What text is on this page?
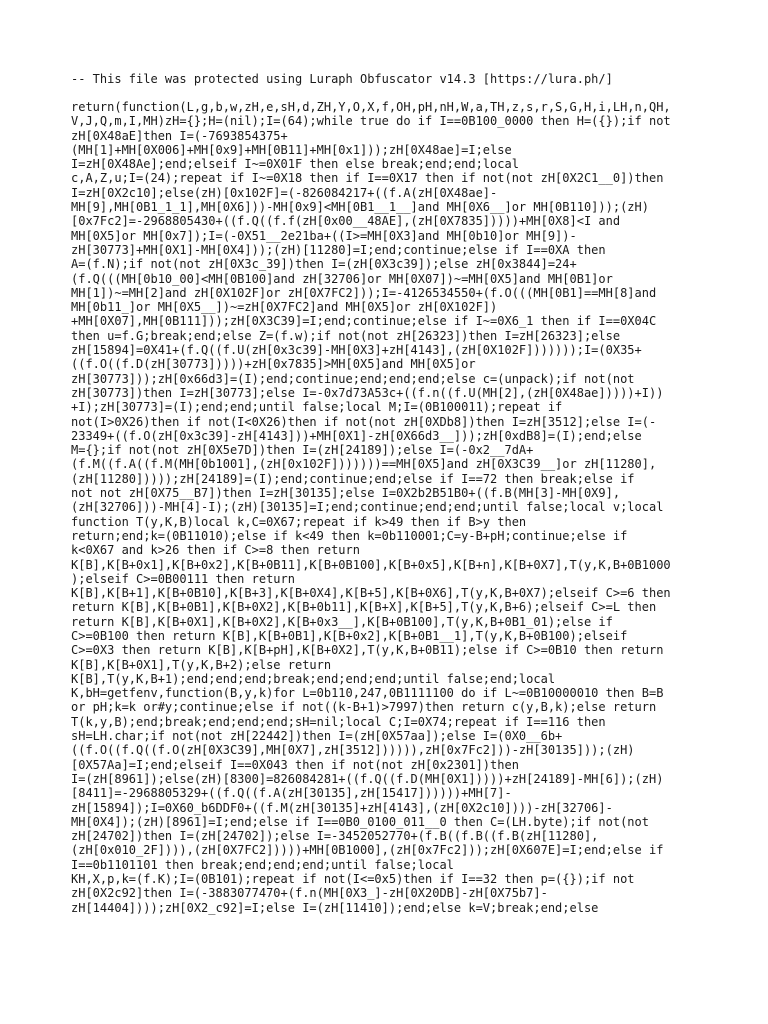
-- This file was protected using Luraph Obfuscator v14.3 [https://lura.ph/]
return(function(L,g,b,w,zH,e,sH,d,ZH,Y,O,X,f,OH,pH,nH,W,a,TH,z,s,r,S,G,H,i,LH,n,QH,
V,J,Q,m,I,MH)zH={};H=(nil);I=(64);while true do if I==0B100_0000 then H=({});if not
zH[0X48aE]then I=(-7693854375+
(MH[1]+MH[0X006]+MH[0x9]+MH[0B11]+MH[0x1]));zH[0X48ae]=I;else
I=zH[0X48Ae];end;elseif I~=0X01F then else break;end;end;local
c,A,Z,u;I=(24);repeat if I~=0X18 then if I==0X17 then if not(not zH[0X2C1__0])then
I=zH[0X2c10];else(zH)[0x102F]=(-826084217+((f.A(zH[0X48ae]-
MH[9],MH[0B1_1_1],MH[0X6]))-MH[0x9]<MH[0B1__1__]and MH[0X6__]or MH[0B110]));(zH)
[0x7Fc2]=-2968805430+((f.Q((f.f(zH[0x00__48AE],(zH[0X7835]))))+MH[0X8]<I and
MH[0X5]or MH[0x7]);I=(-0X51__2e21ba+((I>=MH[0X3]and MH[0b10]or MH[9])-
zH[30773]+MH[0X1]-MH[0X4]));(zH)[11280]=I;end;continue;else if I==0XA then
A=(f.N);if not(not zH[0X3c_39])then I=(zH[0X3c39]);else zH[0x3844]=24+
(f.Q(((MH[0b10_00]<MH[0B100]and zH[32706]or MH[0X07])~=MH[0X5]and MH[0B1]or
MH[1])~=MH[2]and zH[0X102F]or zH[0X7FC2]));I=-4126534550+(f.O(((MH[0B1]==MH[8]and
MH[0b11_]or MH[0X5__])~=zH[0X7FC2]and MH[0X5]or zH[0X102F])
+MH[0X07],MH[0B111]));zH[0X3C39]=I;end;continue;else if I~=0X6_1 then if I==0X04C
then u=f.G;break;end;else Z=(f.w);if not(not zH[26323])then I=zH[26323];else
zH[15894]=0X41+(f.Q((f.U(zH[0x3c39]-MH[0X3]+zH[4143],(zH[0X102F]))))));I=(0X35+
((f.O((f.D(zH[30773]))))+zH[0x7835]>MH[0X5]and MH[0X5]or
zH[30773]));zH[0x66d3]=(I);end;continue;end;end;end;else c=(unpack);if not(not
zH[30773])then I=zH[30773];else I=-0x7d73A53c+((f.n((f.U(MH[2],(zH[0X48ae]))))+I))
+I);zH[30773]=(I);end;end;until false;local M;I=(0B100011);repeat if
not(I>0X26)then if not(I<0X26)then if not(not zH[0XDb8])then I=zH[3512];else I=(-
23349+((f.O(zH[0x3c39]-zH[4143]))+MH[0X1]-zH[0X66d3__]));zH[0xdB8]=(I);end;else
M={};if not(not zH[0X5e7D])then I=(zH[24189]);else I=(-0x2__7dA+
(f.M((f.A((f.M(MH[0b1001],(zH[0x102F]))))))==MH[0X5]and zH[0X3C39__]or zH[11280],
(zH[11280]))));zH[24189]=(I);end;continue;end;else if I==72 then break;else if
not not zH[0X75__B7])then I=zH[30135];else I=0X2b2B51B0+((f.B(MH[3]-MH[0X9],
(zH[32706]))-MH[4]-I);(zH)[30135]=I;end;continue;end;end;until false;local v;local
function T(y,K,B)local k,C=0X67;repeat if k>49 then if B>y then
return;end;k=(0B11010);else if k<49 then k=0b110001;C=y-B+pH;continue;else if
k<0X67 and k>26 then if C>=8 then return
K[B],K[B+0x1],K[B+0x2],K[B+0B11],K[B+0B100],K[B+0x5],K[B+n],K[B+0X7],T(y,K,B+0B1000
);elseif C>=0B00111 then return
K[B],K[B+1],K[B+0B10],K[B+3],K[B+0X4],K[B+5],K[B+0X6],T(y,K,B+0X7);elseif C>=6 then
return K[B],K[B+0B1],K[B+0X2],K[B+0b11],K[B+X],K[B+5],T(y,K,B+6);elseif C>=L then
return K[B],K[B+0X1],K[B+0X2],K[B+0x3__],K[B+0B100],T(y,K,B+0B1_01);else if
C>=0B100 then return K[B],K[B+0B1],K[B+0x2],K[B+0B1__1],T(y,K,B+0B100);elseif
C>=0X3 then return K[B],K[B+pH],K[B+0X2],T(y,K,B+0B11);else if C>=0B10 then return
K[B],K[B+0X1],T(y,K,B+2);else return
K[B],T(y,K,B+1);end;end;end;break;end;end;end;until false;end;local
K,bH=getfenv,function(B,y,k)for L=0b110,247,0B1111100 do if L~=0B10000010 then B=B
or pH;k=k or#y;continue;else if not((k-B+1)>7997)then return c(y,B,k);else return
T(k,y,B);end;break;end;end;end;sH=nil;local C;I=0X74;repeat if I==116 then
sH=LH.char;if not(not zH[22442])then I=(zH[0X57aa]);else I=(0X0__6b+
((f.O((f.Q((f.O(zH[0X3C39],MH[0X7],zH[3512]))))),zH[0x7Fc2]))-zH[30135]));(zH)
[0X57Aa]=I;end;elseif I==0X043 then if not(not zH[0x2301])then
I=(zH[8961]);else(zH)[8300]=826084281+((f.Q((f.D(MH[0X1]))))+zH[24189]-MH[6]);(zH)
[8411]=-2968805329+((f.Q((f.A(zH[30135],zH[15417])))))+MH[7]-
zH[15894]);I=0X60_b6DDF0+((f.M(zH[30135]+zH[4143],(zH[0X2c10])))-zH[32706]-
MH[0X4]);(zH)[8961]=I;end;else if I==0B0_0100_011__0 then C=(LH.byte);if not(not
zH[24702])then I=(zH[24702]);else I=-3452052770+(f.B((f.B((f.B(zH[11280],
(zH[0x010_2F]))),(zH[0X7FC2]))))+MH[0B1000],(zH[0x7Fc2]));zH[0X607E]=I;end;else if
I==0b1101101 then break;end;end;end;until false;local
KH,X,p,k=(f.K);I=(0B101);repeat if not(I<=0x5)then if I==32 then p=({});if not
zH[0X2c92]then I=(-3883077470+(f.n(MH[0X3_]-zH[0X20DB]-zH[0X75b7]-
zH[14404])));zH[0X2_c92]=I;else I=(zH[11410]);end;else k=V;break;end;else
